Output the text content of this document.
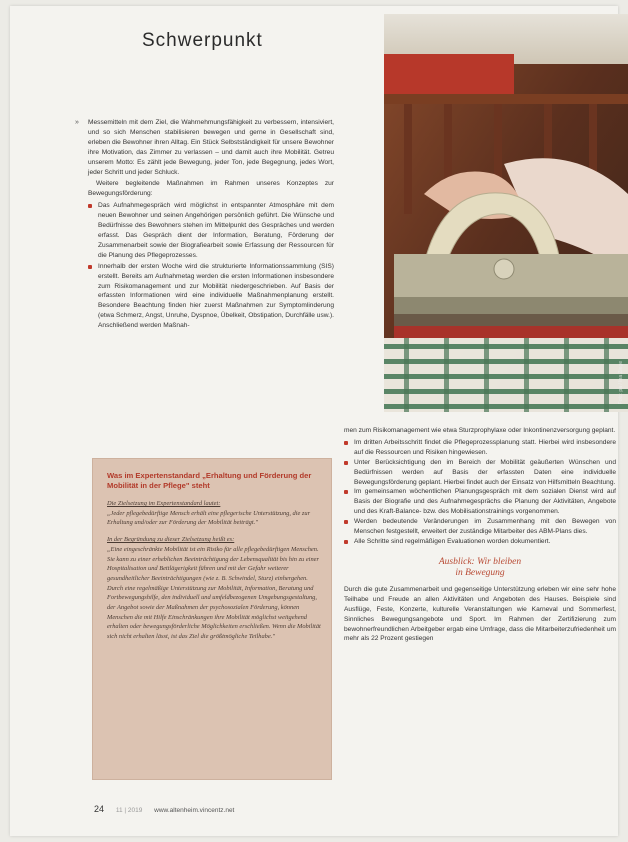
Schwerpunkt
Foto: pa / Ina Ziege
» Messemitteln mit dem Ziel, die Wahrnehmungsfähigkeit zu verbessern, intensiviert, und so sich Menschen stabilisieren bewegen und gerne in Gesellschaft sind, erleben die Bewohner ihren Alltag. Ein Stück Selbstständigkeit für unsere Bewohner ihre Motivation, das Zimmer zu verlassen – und damit auch ihre Mobilität. Getreu unserem Motto: Es zählt jede Bewegung, jeder Ton, jede Begegnung, jedes Wort, jeder Schritt und jeder Schluck.

Weitere begleitende Maßnahmen im Rahmen unseres Konzeptes zur Bewegungsförderung:

Das Aufnahmegespräch wird möglichst in entspannter Atmosphäre mit dem neuen Bewohner und seinen Angehörigen persönlich geführt. Die Wünsche und Bedürfnisse des Bewohners stehen im Mittelpunkt des Gespräches und werden erfasst. Das Gespräch dient der Information, Beratung, Förderung der Zusammenarbeit sowie der Biografiearbeit sowie Erfassung der Ressourcen für die Planung des Pflegeprozesses.
Innerhalb der ersten Woche wird die strukturierte Informationssammlung (SIS) erstellt. Bereits am Aufnahmetag werden die ersten Informationen insbesondere zum Risikomanagement und zur Mobilität niedergeschrieben. Auf Basis der erfassten Informationen wird eine individuelle Maßnahmenplanung erstellt. Besondere Beachtung finden hier zuerst Maßnahmen zur Symptomlinderung (etwa Schmerz, Angst, Unruhe, Dyspnoe, Übelkeit, Obstipation, Durchfälle usw.). Anschließend werden Maßnah-
Was im Expertenstandard „Erhaltung und Förderung der Mobilität in der Pflege" steht

Die Zielsetzung im Expertenstandard lautet:
„Jeder pflegebedürftige Mensch erhält eine pflegerische Unterstützung, die zur Erhaltung und/oder zur Förderung der Mobilität beiträgt."

In der Begründung zu dieser Zielsetzung heißt es:
„Eine eingeschränkte Mobilität ist ein Risiko für alle pflegebedürftigen Menschen. Sie kann zu einer erheblichen Beeinträchtigung der Lebensqualität bis hin zu einer Hospitalisation und Bettlägerigkeit führen und mit der Gefahr weiterer gesundheitlicher Beeinträchtigungen (wie z. B. Schwindel, Sturz) einhergehen. Durch eine regelmäßige Unterstützung zur Mobilität, Information, Beratung und Fortbewegungshilfe, den individuell und umfeldbezogenen Umgebungsgestaltung, der Angebot sowie der Maßnahmen der psychosozialen Förderung, können Menschen die mit Hilfe Einschränkungen ihre Mobilität möglichst weitgehend erhalten oder bewegungsförderliche Möglichkeiten erschließen. Wenn die Mobilität sich nicht erhalten lässt, ist das Ziel die größtmögliche Teilhabe."

men zum Risikomanagement wie etwa Sturzprophylaxe oder Inkontinenzversorgung geplant.

Im dritten Arbeitsschritt findet die Pflegeprozessplanung statt. Hierbei wird insbesondere auf die Ressourcen und Risiken hingewiesen.
Unter Berücksichtigung den im Bereich der Mobilität geäußerten Wünschen und Bedürfnissen werden auf Basis der erfassten Daten eine individuelle Bewegungsförderung geplant. Hierbei findet auch der Einsatz von Hilfsmitteln Beachtung.
Im gemeinsamen wöchentlichen Planungsgespräch mit dem sozialen Dienst wird auf Basis der Biografie und des Aufnahmegesprächs die Planung der Aktivitäten, Angebote und des Kraft-Balance- bzw. des Mobilisationstrainings vorgenommen.
Werden bedeutende Veränderungen im Zusammenhang mit den Bewegen von Menschen festgestellt, erweitert der zuständige Mitarbeiter des ABM-Plans dies.
Alle Schritte sind regelmäßigen Evaluationen worden dokumentiert.
Ausblick: Wir bleiben
in Bewegung

Durch die gute Zusammenarbeit und gegenseitige Unterstützung erleben wir eine sehr hohe Teilhabe und Freude an allen Aktivitäten und Angeboten des Hauses. Beispiele sind Ausflüge, Feste, Konzerte, kulturelle Veranstaltungen wie Karneval und Sommerfest, Sinnliches Bewegungsangebote und Sport. Im Rahmen der Zertifizierung zum bewohnerfreundlichen Arbeitgeber ergab eine Umfrage, dass die Mitarbeiterzufriedenheit um mehr als 22 Prozent gestiegen

24 11 | 2019 www.altenheim.vincentz.net
